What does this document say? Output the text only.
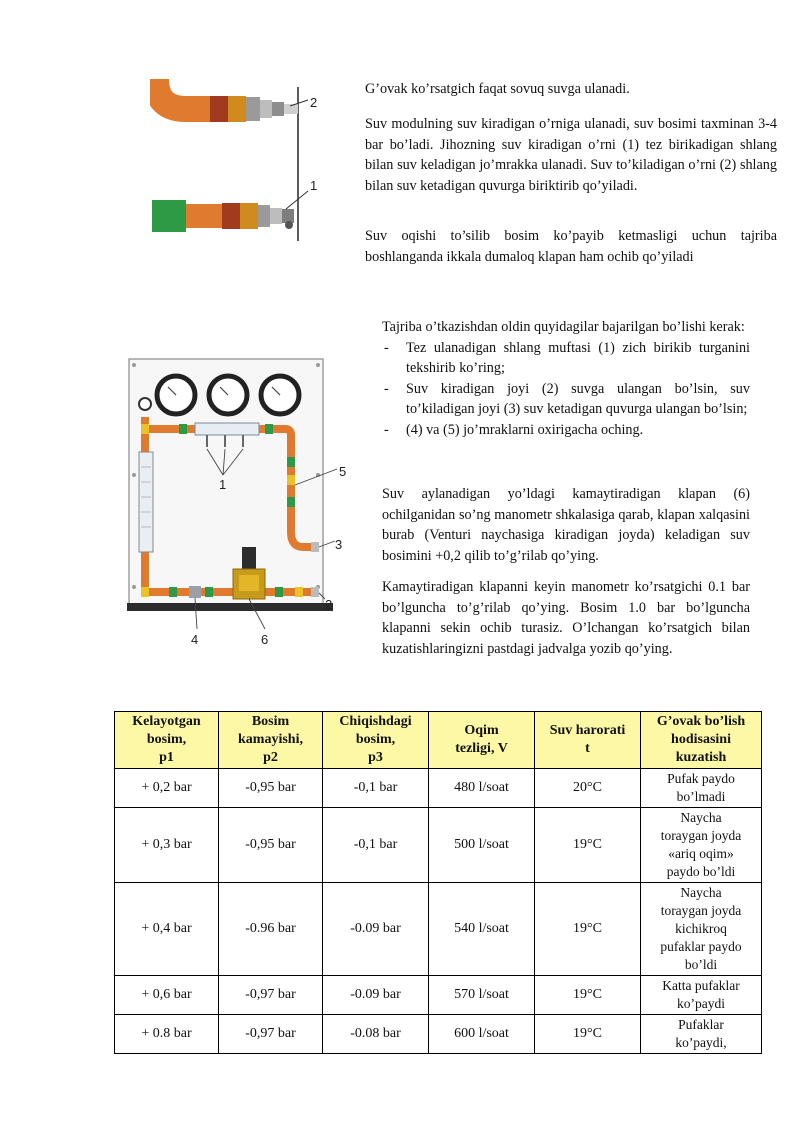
2
1

G’ovak ko’rsatgich faqat sovuq suvga ulanadi.

Suv modulning suv kiradigan o’rniga ulanadi, suv bosimi taxminan 3-4 bar bo’ladi. Jihozning suv kiradigan o’rni (1) tez birikadigan shlang bilan suv keladigan jo’mrakka ulanadi. Suv to’kiladigan o’rni (2) shlang bilan suv ketadigan quvurga biriktirib qo’yiladi.

Suv oqishi to’silib bosim ko’payib ketmasligi uchun tajriba boshlanganda ikkala dumaloq klapan ham ochib qo’yiladi

1
5
3
2
4	6
Tajriba o’tkazishdan oldin quyidagilar bajarilgan bo’lishi kerak:
- Tez ulanadigan shlang muftasi (1) zich birikib turganini tekshirib ko’ring;
- Suv kiradigan joyi (2) suvga ulangan bo’lsin, suv to’kiladigan joyi (3) suv ketadigan quvurga ulangan bo’lsin;
- (4) va (5) jo’mraklarni oxirigacha oching.

Suv aylanadigan yo’ldagi kamaytiradigan klapan (6) ochilganidan so’ng manometr shkalasiga qarab, klapan xalqasini burab (Venturi naychasiga kiradigan joyda) keladigan suv bosimini +0,2 qilib to’g’rilab qo’ying.

Kamaytiradigan klapanni keyin manometr ko’rsatgichi 0.1 bar bo’lguncha to’g’rilab qo’ying. Bosim 1.0 bar bo’lguncha klapanni sekin ochib turasiz. O’lchangan ko’rsatgich bilan kuzatishlaringizni pastdagi jadvalga yozib qo’ying.

Kelayotgan
bosim,
p1	Bosim
kamayishi,
p2	Chiqishdagi
bosim,
p3	Oqim
tezligi, V	Suv harorati
t	G’ovak bo’lish
hodisasini
kuzatish
+ 0,2 bar	-0,95 bar	-0,1 bar	480 l/soat	20°C	Pufak paydo
bo’lmadi
+ 0,3 bar	-0,95 bar	-0,1 bar	500 l/soat	19°C	Naycha
toraygan joyda
«ariq oqim»
paydo bo’ldi
+ 0,4 bar	-0.96 bar	-0.09 bar	540 l/soat	19°C	Naycha
toraygan joyda
kichikroq
pufaklar paydo
bo’ldi
+ 0,6 bar	-0,97 bar	-0.09 bar	570 l/soat	19°C	Katta pufaklar
ko’paydi
+ 0.8 bar	-0,97 bar	-0.08 bar	600 l/soat	19°C	Pufaklar
ko’paydi,
